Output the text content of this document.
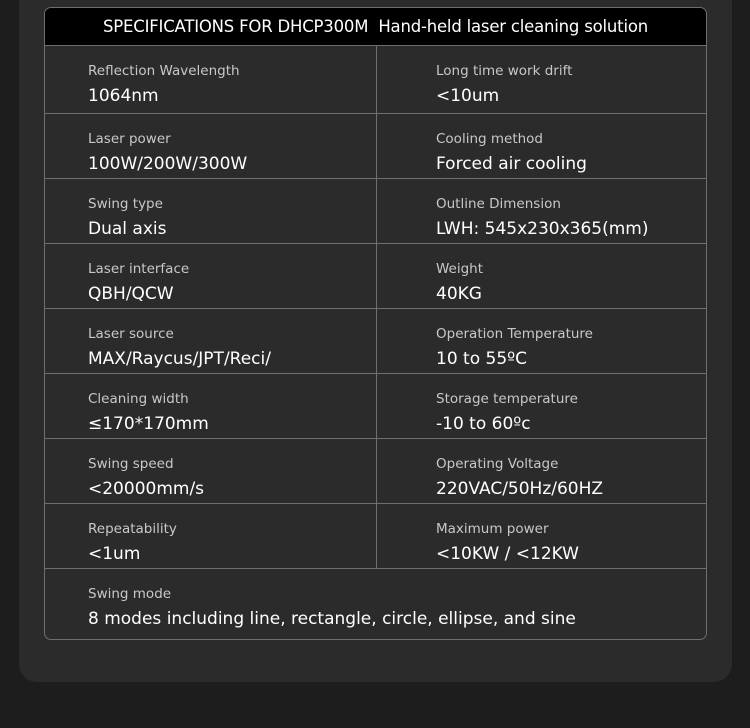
SPECIFICATIONS FOR DHCP300M  Hand-held laser cleaning solution
Reflection Wavelength
1064nm
Long time work drift
<10um
Laser power
100W/200W/300W
Cooling method
Forced air cooling
Swing type
Dual axis
Outline Dimension
LWH: 545x230x365(mm)
Laser interface
QBH/QCW
Weight
40KG
Laser source
MAX/Raycus/JPT/Reci/
Operation Temperature
10 to 55ºC
Cleaning width
≤170*170mm
Storage temperature
-10 to 60ºc
Swing speed
<20000mm/s
Operating Voltage
220VAC/50Hz/60HZ
Repeatability
<1um
Maximum power
<10KW / <12KW
Swing mode
8 modes including line, rectangle, circle, ellipse, and sine
